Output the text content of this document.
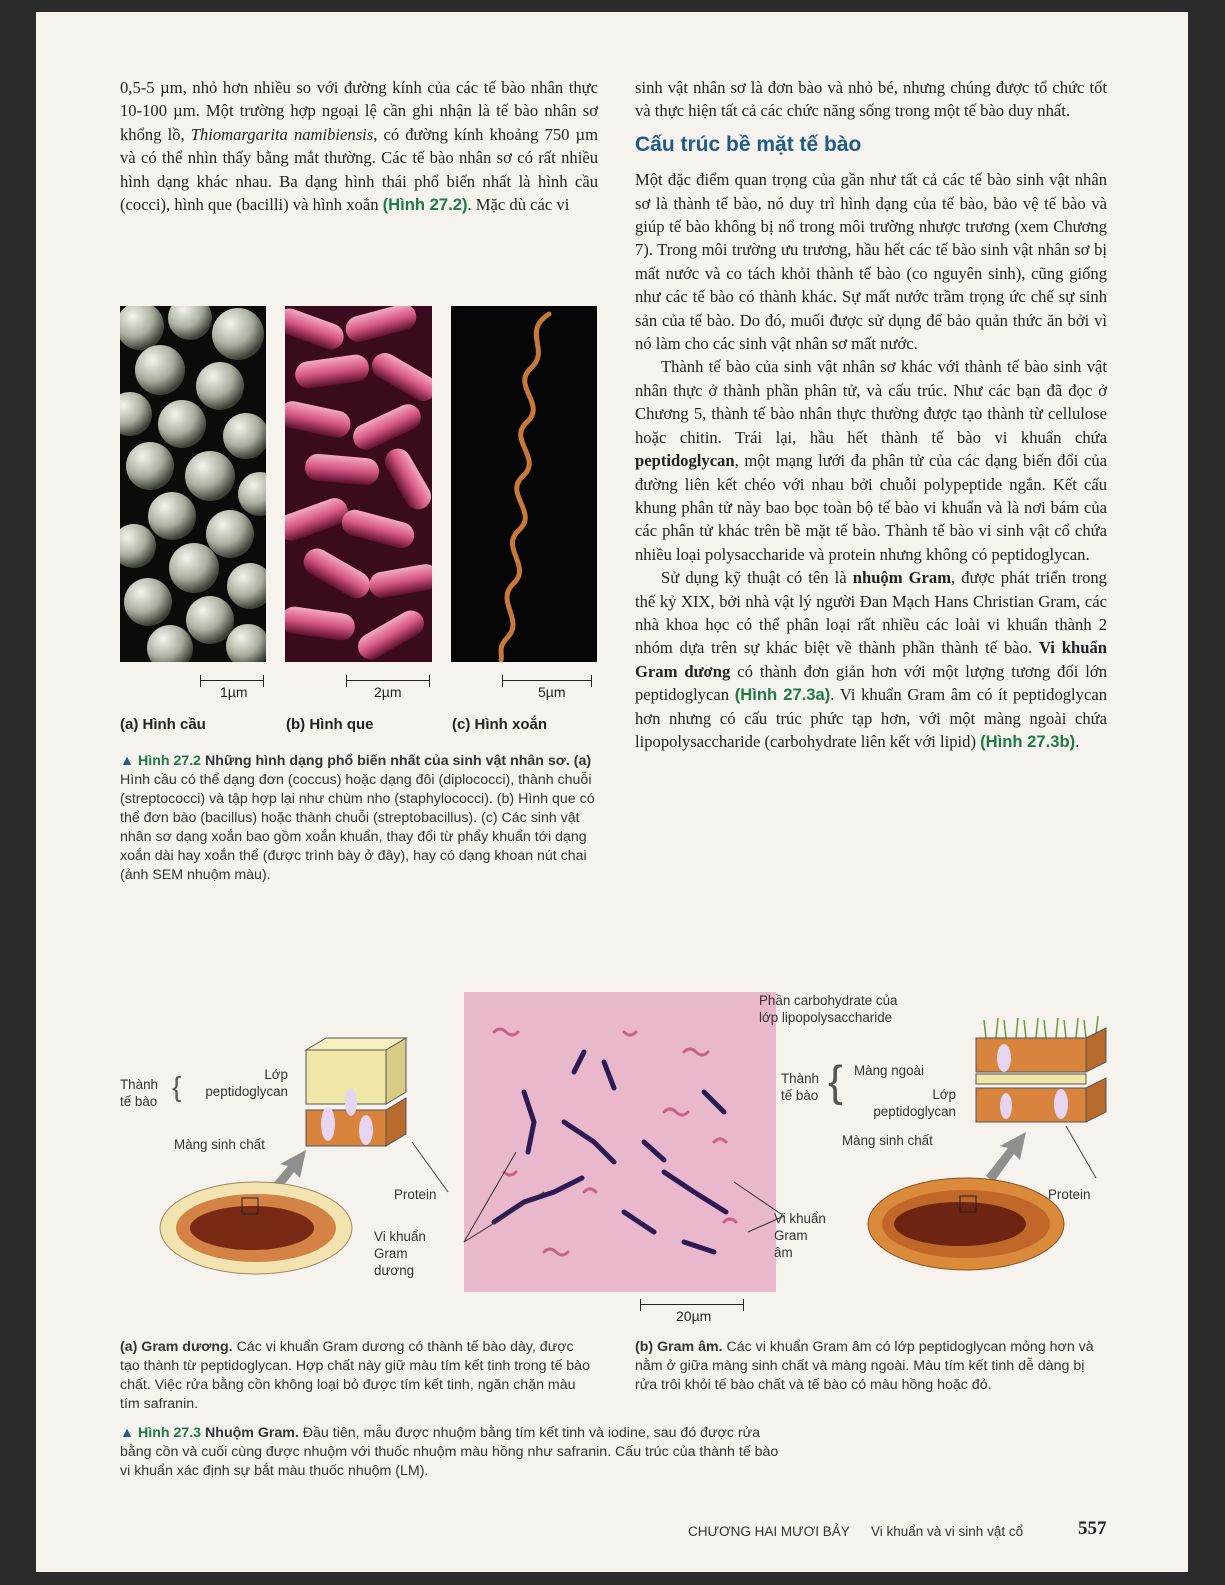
0,5-5 µm, nhỏ hơn nhiều so với đường kính của các tế bào nhân thực 10-100 µm. Một trường hợp ngoại lệ cần ghi nhận là tế bào nhân sơ khổng lồ, Thiomargarita namibiensis, có đường kính khoảng 750 µm và có thể nhìn thấy bằng mắt thường. Các tế bào nhân sơ có rất nhiều hình dạng khác nhau. Ba dạng hình thái phổ biến nhất là hình cầu (cocci), hình que (bacilli) và hình xoắn (Hình 27.2). Mặc dù các vi

1µm	2µm	5µm
(a) Hình cầu	(b) Hình que	(c) Hình xoắn
▲ Hình 27.2 Những hình dạng phổ biến nhất của sinh vật nhân sơ. (a) Hình cầu có thể dạng đơn (coccus) hoặc dạng đôi (diplococci), thành chuỗi (streptococci) và tập hợp lại như chùm nho (staphylococci). (b) Hình que có thể đơn bào (bacillus) hoặc thành chuỗi (streptobacillus). (c) Các sinh vật nhân sơ dạng xoắn bao gồm xoắn khuẩn, thay đổi từ phẩy khuẩn tới dạng xoắn dài hay xoắn thể (được trình bày ở đây), hay có dạng khoan nút chai (ảnh SEM nhuộm màu).

sinh vật nhân sơ là đơn bào và nhỏ bé, nhưng chúng được tổ chức tốt và thực hiện tất cả các chức năng sống trong một tế bào duy nhất.

Cấu trúc bề mặt tế bào

Một đặc điểm quan trọng của gần như tất cả các tế bào sinh vật nhân sơ là thành tế bào, nó duy trì hình dạng của tế bào, bảo vệ tế bào và giúp tế bào không bị nổ trong môi trường nhược trương (xem Chương 7). Trong môi trường ưu trương, hầu hết các tế bào sinh vật nhân sơ bị mất nước và co tách khỏi thành tế bào (co nguyên sinh), cũng giống như các tế bào có thành khác. Sự mất nước trầm trọng ức chế sự sinh sản của tế bào. Do đó, muối được sử dụng để bảo quản thức ăn bởi vì nó làm cho các sinh vật nhân sơ mất nước.

Thành tế bào của sinh vật nhân sơ khác với thành tế bào sinh vật nhân thực ở thành phần phân tử, và cấu trúc. Như các bạn đã đọc ở Chương 5, thành tế bào nhân thực thường được tạo thành từ cellulose hoặc chitin. Trái lại, hầu hết thành tế bào vi khuẩn chứa peptidoglycan, một mạng lưới đa phân tử của các dạng biến đổi của đường liên kết chéo với nhau bởi chuỗi polypeptide ngắn. Kết cấu khung phân tử này bao bọc toàn bộ tế bào vi khuẩn và là nơi bám của các phân tử khác trên bề mặt tế bào. Thành tế bào vi sinh vật cổ chứa nhiều loại polysaccharide và protein nhưng không có peptidoglycan.

Sử dụng kỹ thuật có tên là nhuộm Gram, được phát triển trong thế kỷ XIX, bởi nhà vật lý người Đan Mạch Hans Christian Gram, các nhà khoa học có thể phân loại rất nhiều các loài vi khuẩn thành 2 nhóm dựa trên sự khác biệt về thành phần thành tế bào. Vi khuẩn Gram dương có thành đơn giản hơn với một lượng tương đối lớn peptidoglycan (Hình 27.3a). Vi khuẩn Gram âm có ít peptidoglycan hơn nhưng có cấu trúc phức tạp hơn, với một màng ngoài chứa lipopolysaccharide (carbohydrate liên kết với lipid) (Hình 27.3b).

Thành
tế bào {	Lớp
peptidoglycan
Màng sinh chất
Protein
Vi khuẩn
Gram
dương
20µm
Vi khuẩn
Gram
âm
Phần carbohydrate của
lớp lipopolysaccharide
Thành
tế bào { Màng ngoài
Lớp
peptidoglycan
Màng sinh chất
Protein
(a) Gram dương. Các vi khuẩn Gram dương có thành tế bào dày, được tạo thành từ peptidoglycan. Hợp chất này giữ màu tím kết tinh trong tế bào chất. Việc rửa bằng cồn không loại bỏ được tím kết tinh, ngăn chặn màu tím safranin.
(b) Gram âm. Các vi khuẩn Gram âm có lớp peptidoglycan mỏng hơn và nằm ở giữa màng sinh chất và màng ngoài. Màu tím kết tinh dễ dàng bị rửa trôi khỏi tế bào chất và tế bào có màu hồng hoặc đỏ.
▲ Hình 27.3 Nhuộm Gram. Đầu tiên, mẫu được nhuộm bằng tím kết tinh và iodine, sau đó được rửa bằng cồn và cuối cùng được nhuộm với thuốc nhuộm màu hồng như safranin. Cấu trúc của thành tế bào vi khuẩn xác định sự bắt màu thuốc nhuộm (LM).
CHƯƠNG HAI MƯƠI BẢY Vi khuẩn và vi sinh vật cổ	557
